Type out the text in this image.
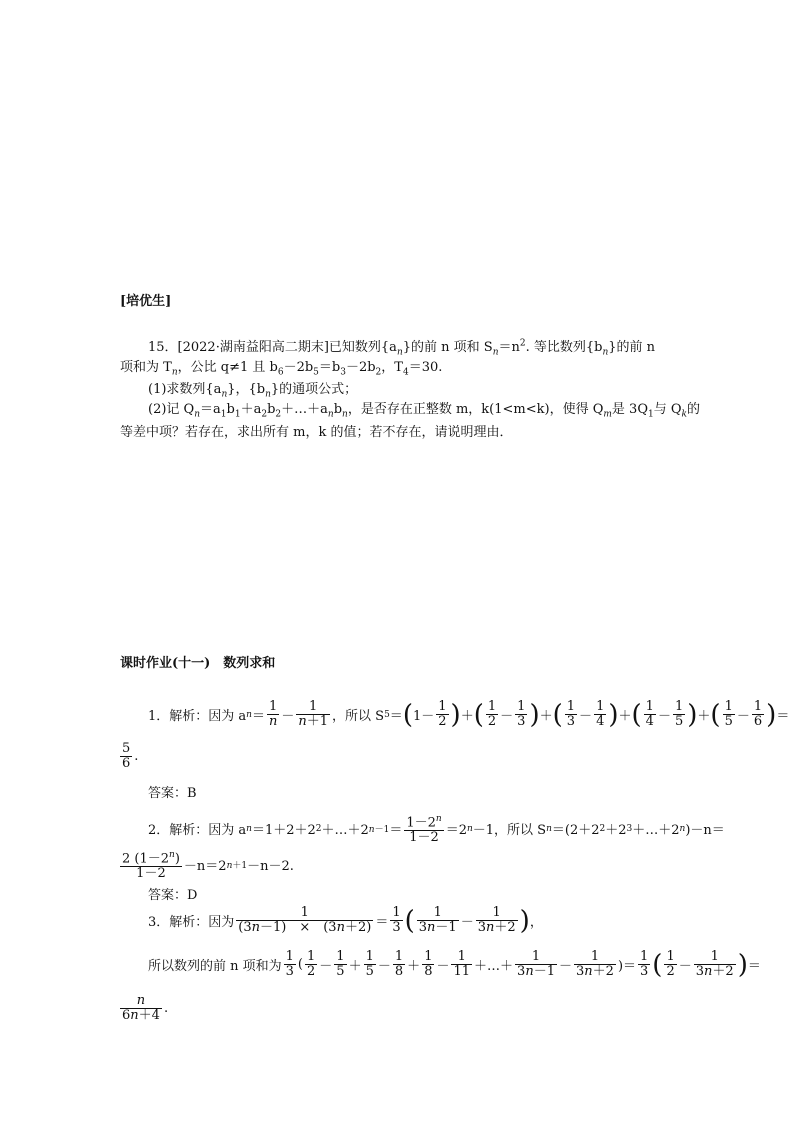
[培优生]
15．[2022·湖南益阳高二期末]已知数列$\{a_n\}$的前 n 项和 $S_n=n^2$. 等比数列$\{b_n\}$的前 n
项和为 $T_n$，公比 q≠1 且 $b_6-2b_5=b_3-2b_2$，$T_4=30$.
(1)求数列$\{a_n\}$，$\{b_n\}$的通项公式；
(2)记 $Q_n=a_1b_1+a_2b_2+\dots+a_nb_n$，是否存在正整数 m，k(1<m<k)，使得 $Q_m$是 $3Q_1$与 $Q_k$的
等差中项？若存在，求出所有 m，k 的值；若不存在，请说明理由．
课时作业(十一)　数列求和
1．解析：因为 a $n = \frac{1}{n} - \frac{1}{n+1}$ ，所以 S 5 ＝ ( $1- \frac{1}{2}$ ) ＋ ( $\frac{1}{2} - \frac{1}{3}$ ) ＋ ( $\frac{1}{3} - \frac{1}{4}$ ) ＋ ( $\frac{1}{4} - \frac{1}{5}$ ) ＋ ( $\frac{1}{5} - \frac{1}{6}$ ) ＝
$\frac{5}{6}$ .
答案：B
2．解析：因为 a n ＝1＋2＋2 2 ＋…＋2 $n-1 = \frac{1-2^n}{1-2} =2$ n －1，所以 S n ＝(2＋2 2 ＋2 3 ＋…＋2 n )－n＝
$\frac{2 (1-2^n)}{1-2} -n=2$ n＋1 －n－2.
答案：D
3．解析：因为 $\frac{1}{(3n-1) \times (3n+2)} = \frac{1}{3}$ ( $\frac{1}{3n-1} - \frac{1}{3n+2}$ ) ，
所以数列的前 n 项和为 $\frac{1}{3}$ ( $\frac{1}{2} - \frac{1}{5} + \frac{1}{5} - \frac{1}{8} + \frac{1}{8} - \frac{1}{11}$ ＋…＋ $\frac{1}{3n-1} - \frac{1}{3n+2}$ )＝ $\frac{1}{3}$ ( $\frac{1}{2} - \frac{1}{3n+2}$ ) ＝
$\frac{n}{6n+4}$ .
